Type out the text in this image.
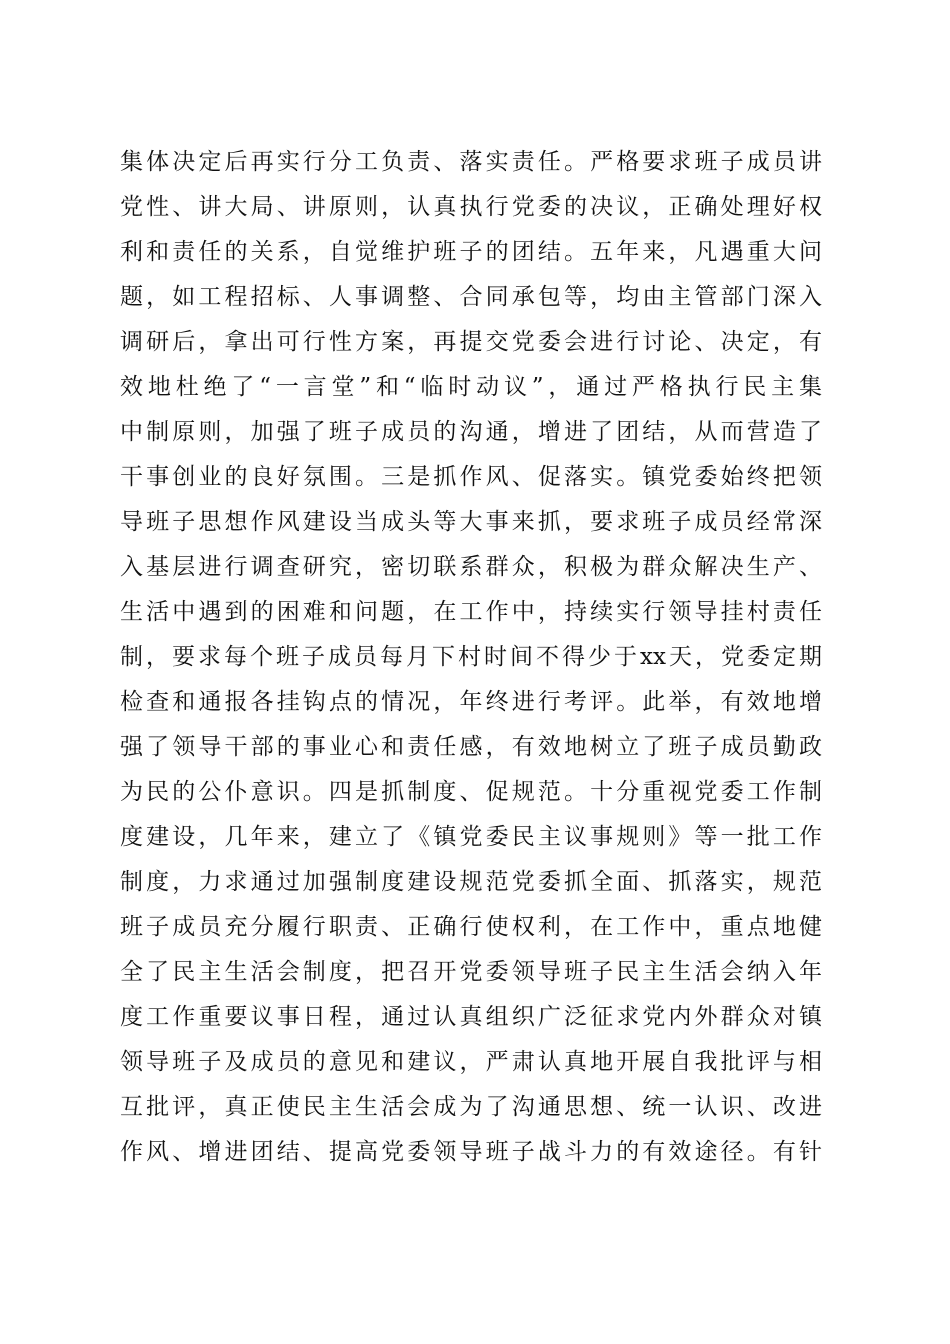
集体决定后再实行分工负责、落实责任。严格要求班子成员讲
党性、讲大局、讲原则，认真执行党委的决议，正确处理好权
利和责任的关系，自觉维护班子的团结。五年来，凡遇重大问
题，如工程招标、人事调整、合同承包等，均由主管部门深入
调研后，拿出可行性方案，再提交党委会进行讨论、决定，有
效地杜绝了“一言堂”和“临时动议”，通过严格执行民主集
中制原则，加强了班子成员的沟通，增进了团结，从而营造了
干事创业的良好氛围。三是抓作风、促落实。镇党委始终把领
导班子思想作风建设当成头等大事来抓，要求班子成员经常深
入基层进行调查研究，密切联系群众，积极为群众解决生产、
生活中遇到的困难和问题，在工作中，持续实行领导挂村责任
制，要求每个班子成员每月下村时间不得少于xx天，党委定期
检查和通报各挂钩点的情况，年终进行考评。此举，有效地增
强了领导干部的事业心和责任感，有效地树立了班子成员勤政
为民的公仆意识。四是抓制度、促规范。十分重视党委工作制
度建设，几年来，建立了《镇党委民主议事规则》等一批工作
制度，力求通过加强制度建设规范党委抓全面、抓落实，规范
班子成员充分履行职责、正确行使权利，在工作中，重点地健
全了民主生活会制度，把召开党委领导班子民主生活会纳入年
度工作重要议事日程，通过认真组织广泛征求党内外群众对镇
领导班子及成员的意见和建议，严肃认真地开展自我批评与相
互批评，真正使民主生活会成为了沟通思想、统一认识、改进
作风、增进团结、提高党委领导班子战斗力的有效途径。有针
